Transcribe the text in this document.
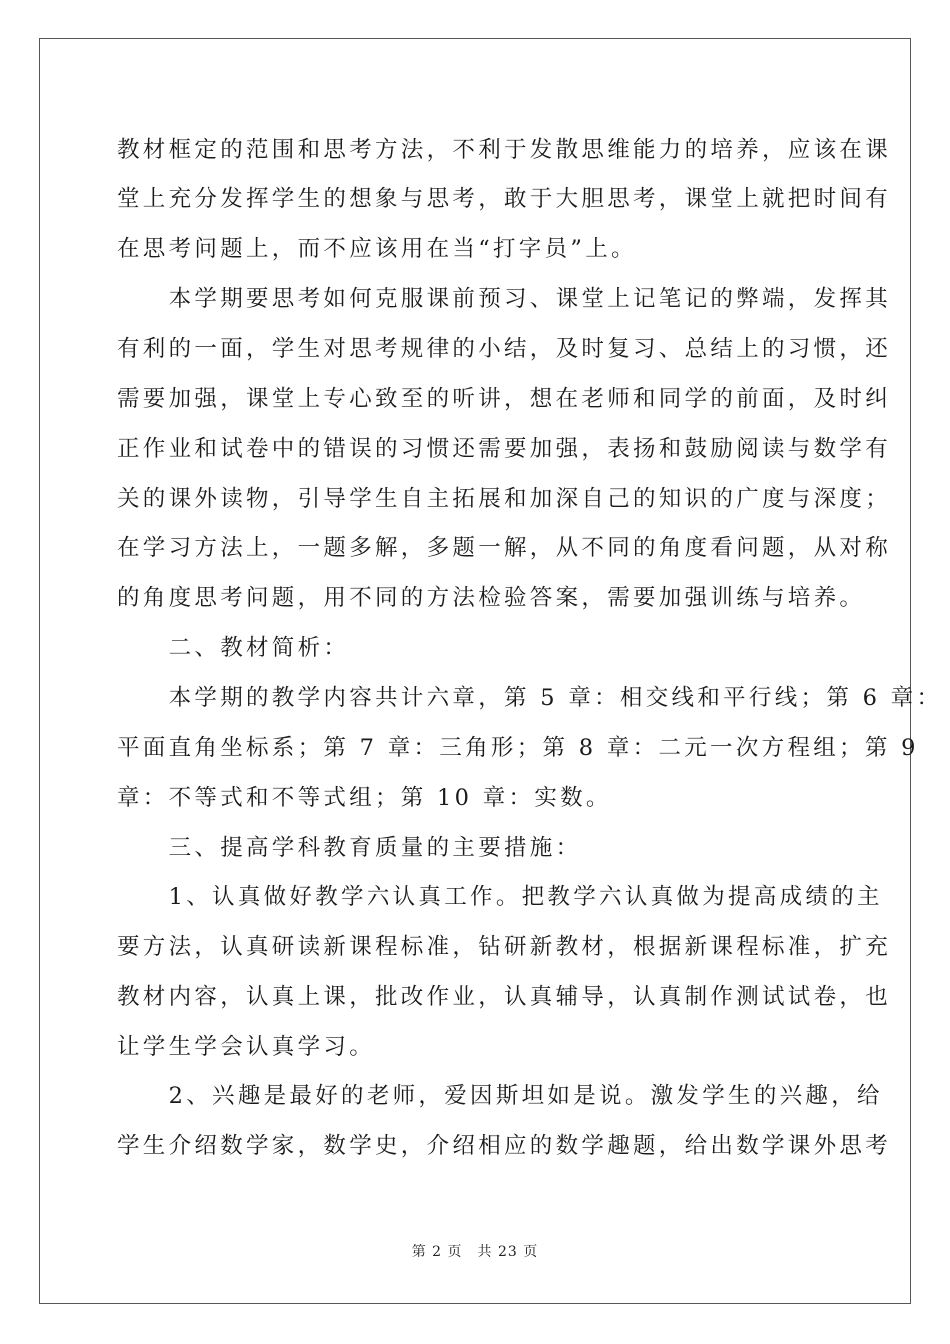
教材框定的范围和思考方法，不利于发散思维能力的培养，应该在课
堂上充分发挥学生的想象与思考，敢于大胆思考，课堂上就把时间有
在思考问题上，而不应该用在当“打字员”上。
　　本学期要思考如何克服课前预习、课堂上记笔记的弊端，发挥其
有利的一面，学生对思考规律的小结，及时复习、总结上的习惯，还
需要加强，课堂上专心致至的听讲，想在老师和同学的前面，及时纠
正作业和试卷中的错误的习惯还需要加强，表扬和鼓励阅读与数学有
关的课外读物，引导学生自主拓展和加深自己的知识的广度与深度；
在学习方法上，一题多解，多题一解，从不同的角度看问题，从对称
的角度思考问题，用不同的方法检验答案，需要加强训练与培养。
　　二、教材简析：
　　本学期的教学内容共计六章，第 5 章：相交线和平行线；第 6 章：
平面直角坐标系；第 7 章：三角形；第 8 章：二元一次方程组；第 9
章：不等式和不等式组；第 10 章：实数。
　　三、提高学科教育质量的主要措施：
　　1、认真做好教学六认真工作。把教学六认真做为提高成绩的主
要方法，认真研读新课程标准，钻研新教材，根据新课程标准，扩充
教材内容，认真上课，批改作业，认真辅导，认真制作测试试卷，也
让学生学会认真学习。
　　2、兴趣是最好的老师，爱因斯坦如是说。激发学生的兴趣，给
学生介绍数学家，数学史，介绍相应的数学趣题，给出数学课外思考
第 2 页　共 23 页
